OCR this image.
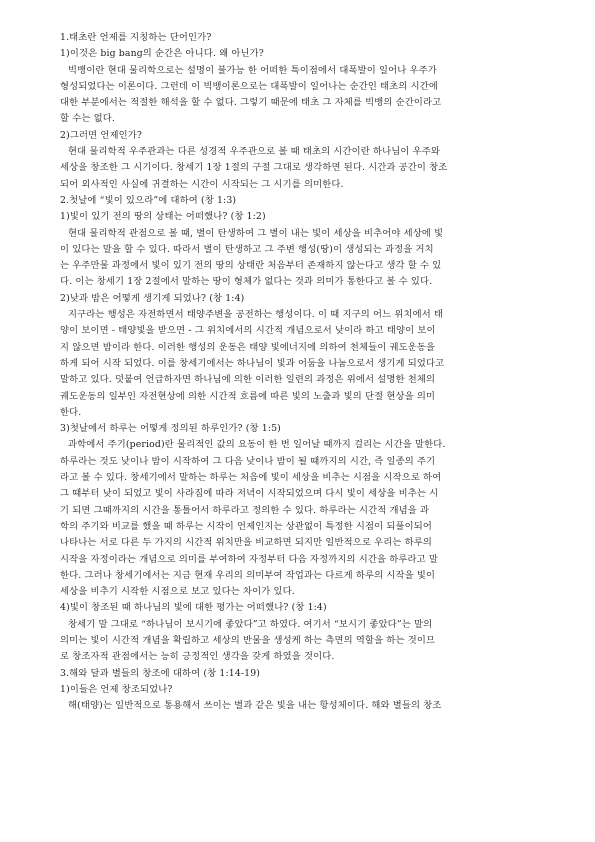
1.태초란 언제를 지칭하는 단어인가?
1)이것은 big bang의 순간은 아니다. 왜 아닌가?
빅뱅이란 현대 물리학으로는 설명이 불가능 한 어떠한 특이점에서 대폭발이 일어나 우주가
형성되었다는 이론이다. 그런데 이 빅뱅이론으로는 대폭발이 일어나는 순간인 태초의 시간에
대한 부분에서는 적절한 해석을 할 수 없다. 그렇기 때문에 태초 그 자체를 빅뱅의 순간이라고
할 수는 없다.
2)그러면 언제인가?
현대 물리학적 우주관과는 다른 성경적 우주관으로 볼 때 태초의 시간이란 하나님이 우주와
세상을 창조한 그 시기이다. 창세기 1장 1절의 구절 그대로 생각하면 된다. 시간과 공간이 창조
되어 외사적인 사실에 귀결하는 시간이 시작되는 그 시기를 의미한다.
2.첫날에 “빛이 있으라”에 대하여 (창 1:3)
1)빛이 있기 전의 땅의 상태는 어떠했나? (창 1:2)
현대 물리학적 관점으로 볼 때, 별이 탄생하여 그 별이 내는 빛이 세상을 비추어야 세상에 빛
이 있다는 말을 할 수 있다. 따라서 별이 탄생하고 그 주변 행성(땅)이 생성되는 과정을 거치
는 우주만물 과정에서 빛이 있기 전의 땅의 상태란 처음부터 존재하지 않는다고 생각 할 수 있
다. 이는 창세기 1장 2절에서 말하는 땅이 형체가 없다는 것과 의미가 통한다고 볼 수 있다.
2)낮과 밤은 어떻게 생기게 되었나? (창 1:4)
지구라는 행성은 자전하면서 태양주변을 공전하는 행성이다. 이 때 지구의 어느 위치에서 태
양이 보이면 - 태양빛을 받으면 - 그 위치에서의 시간적 개념으로서 낮이라 하고 태양이 보이
지 않으면 밤이라 한다. 이러한 행성의 운동은 태양 빛에너지에 의하여 천체들이 궤도운동을
하게 되어 시작 되었다. 이를 창세기에서는 하나님이 빛과 어둠을 나눔으로서 생기게 되었다고
말하고 있다. 덧붙여 언급하자면 하나님에 의한 이러한 일련의 과정은 위에서 설명한 천체의
궤도운동의 일부인 자전현상에 의한 시간적 흐름에 따른 빛의 노출과 빛의 단절 현상을 의미
한다.
3)첫날에서 하루는 어떻게 정의된 하루인가? (창 1:5)
과학에서 주기(period)란 물리적인 값의 요동이 한 번 일어날 때까지 걸리는 시간을 말한다.
하루라는 것도 낮이나 밤이 시작하여 그 다음 낮이나 밤이 될 때까지의 시간, 즉 일종의 주기
라고 볼 수 있다. 창세기에서 말하는 하루는 처음에 빛이 세상을 비추는 시점을 시작으로 하여
그 때부터 낮이 되었고 빛이 사라짐에 따라 저녁이 시작되었으며 다시 빛이 세상을 비추는 시
기 되면 그때까지의 시간을 통틀어서 하루라고 정의한 수 있다. 하루라는 시간적 개념을 과
학의 주기와 비교를 했을 때 하루는 시작이 언제인지는 상관없이 특정한 시점이 되풀이되어
나타나는 서로 다른 두 가지의 시간적 위치만을 비교하면 되지만 일반적으로 우리는 하루의
시작을 자정이라는 개념으로 의미를 부여하여 자정부터 다음 자정까지의 시간을 하루라고 말
한다. 그러나 창세기에서는 지금 현재 우리의 의미부여 작업과는 다르게 하루의 시작을 빛이
세상을 비추기 시작한 시점으로 보고 있다는 차이가 있다.
4)빛이 창조된 때 하나님의 빛에 대한 평가는 어떠했나? (창 1:4)
창세기 말 그대로 “하나님이 보시기에 좋았다”고 하였다. 여기서 “보시기 좋았다”는 말의
의미는 빛이 시간적 개념을 확립하고 세상의 반물을 생성케 하는 측면의 역할을 하는 것이므
로 창조자적 관점에서는 능히 긍정적인 생각을 갖게 하였을 것이다.
3.해와 달과 별들의 창조에 대하여 (창 1:14-19)
1)이들은 언제 창조되었나?
해(태양)는 일반적으로 통용해서 쓰이는 별과 같은 빛을 내는 항성체이다. 해와 별들의 창조
